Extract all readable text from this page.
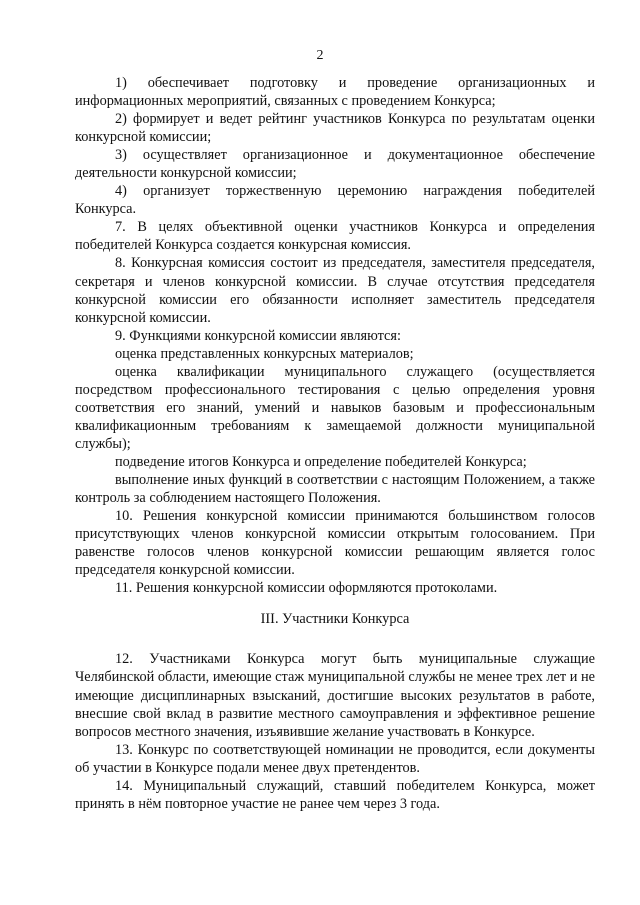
2

1) обеспечивает подготовку и проведение организационных и информационных мероприятий, связанных с проведением Конкурса;

2) формирует и ведет рейтинг участников Конкурса по результатам оценки конкурсной комиссии;

3) осуществляет организационное и документационное обеспечение деятельности конкурсной комиссии;

4) организует торжественную церемонию награждения победителей Конкурса.

7. В целях объективной оценки участников Конкурса и определения победителей Конкурса создается конкурсная комиссия.

8. Конкурсная комиссия состоит из председателя, заместителя председателя, секретаря и членов конкурсной комиссии. В случае отсутствия председателя конкурсной комиссии его обязанности исполняет заместитель председателя конкурсной комиссии.

9. Функциями конкурсной комиссии являются:

оценка представленных конкурсных материалов;

оценка квалификации муниципального служащего (осуществляется посредством профессионального тестирования с целью определения уровня соответствия его знаний, умений и навыков базовым и профессиональным квалификационным требованиям к замещаемой должности муниципальной службы);

подведение итогов Конкурса и определение победителей Конкурса;

выполнение иных функций в соответствии с настоящим Положением, а также контроль за соблюдением настоящего Положения.

10. Решения конкурсной комиссии принимаются большинством голосов присутствующих членов конкурсной комиссии открытым голосованием. При равенстве голосов членов конкурсной комиссии решающим является голос председателя конкурсной комиссии.

11. Решения конкурсной комиссии оформляются протоколами.

III. Участники Конкурса

12. Участниками Конкурса могут быть муниципальные служащие Челябинской области, имеющие стаж муниципальной службы не менее трех лет и не имеющие дисциплинарных взысканий, достигшие высоких результатов в работе, внесшие свой вклад в развитие местного самоуправления и эффективное решение вопросов местного значения, изъявившие желание участвовать в Конкурсе.

13. Конкурс по соответствующей номинации не проводится, если документы об участии в Конкурсе подали менее двух претендентов.

14. Муниципальный служащий, ставший победителем Конкурса, может принять в нём повторное участие не ранее чем через 3 года.
